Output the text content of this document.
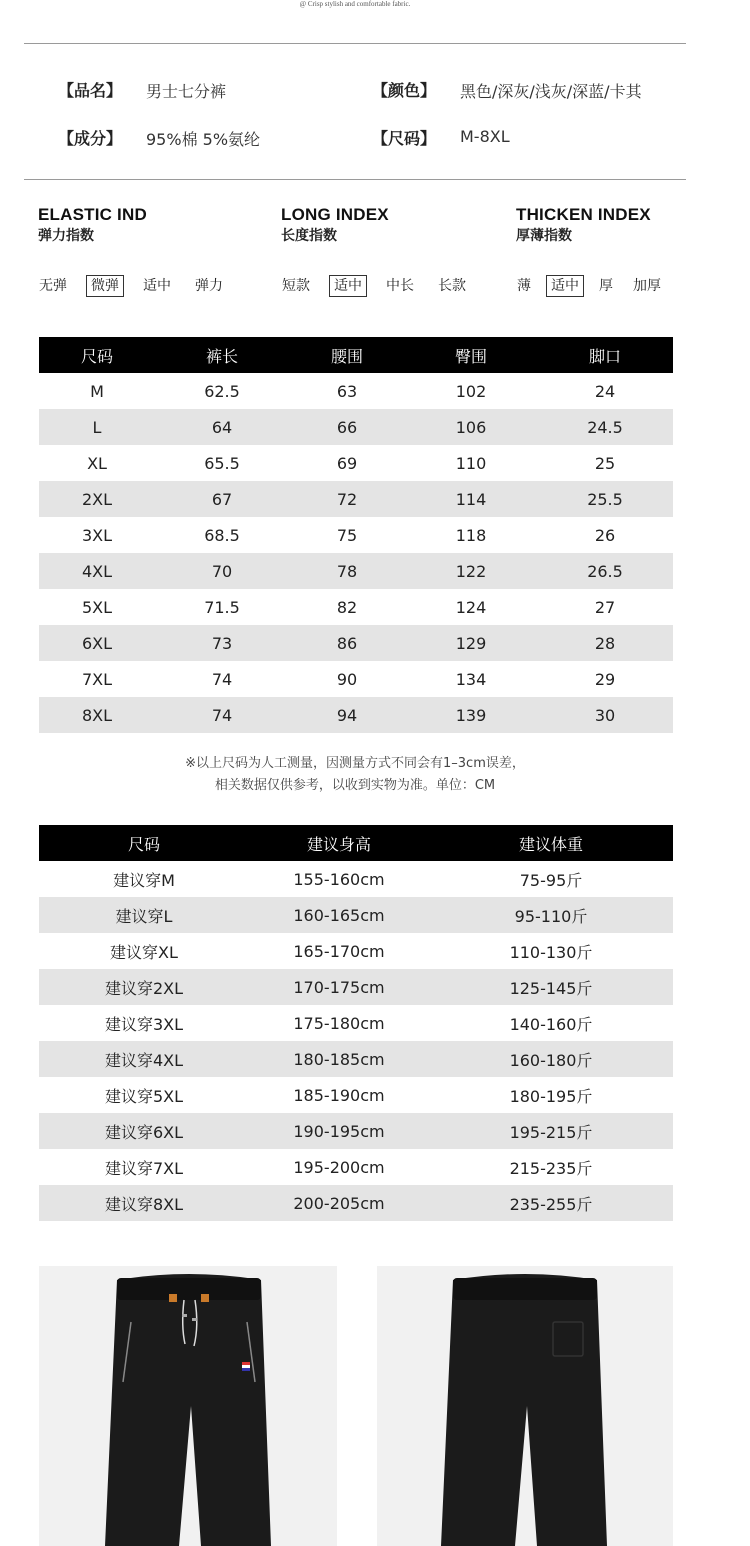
@ Crisp stylish and comfortable fabric.
【品名】 男士七分裤	【颜色】 黑色/深灰/浅灰/深蓝/卡其
【成分】 95%棉 5%氨纶	【尺码】 M-8XL
ELASTIC IND
弹力指数
无弹	微弹	适中	弹力
LONG INDEX
长度指数
短款	适中	中长	长款
THICKEN INDEX
厚薄指数
薄	适中	厚	加厚
尺码	裤长	腰围	臀围	脚口
M	62.5	63	102	24
L	64	66	106	24.5
XL	65.5	69	110	25
2XL	67	72	114	25.5
3XL	68.5	75	118	26
4XL	70	78	122	26.5
5XL	71.5	82	124	27
6XL	73	86	129	28
7XL	74	90	134	29
8XL	74	94	139	30
※以上尺码为人工测量，因测量方式不同会有1–3cm误差，
相关数据仅供参考，以收到实物为准。单位：CM
尺码	建议身高	建议体重
建议穿M	155-160cm	75-95斤
建议穿L	160-165cm	95-110斤
建议穿XL	165-170cm	110-130斤
建议穿2XL	170-175cm	125-145斤
建议穿3XL	175-180cm	140-160斤
建议穿4XL	180-185cm	160-180斤
建议穿5XL	185-190cm	180-195斤
建议穿6XL	190-195cm	195-215斤
建议穿7XL	195-200cm	215-235斤
建议穿8XL	200-205cm	235-255斤
